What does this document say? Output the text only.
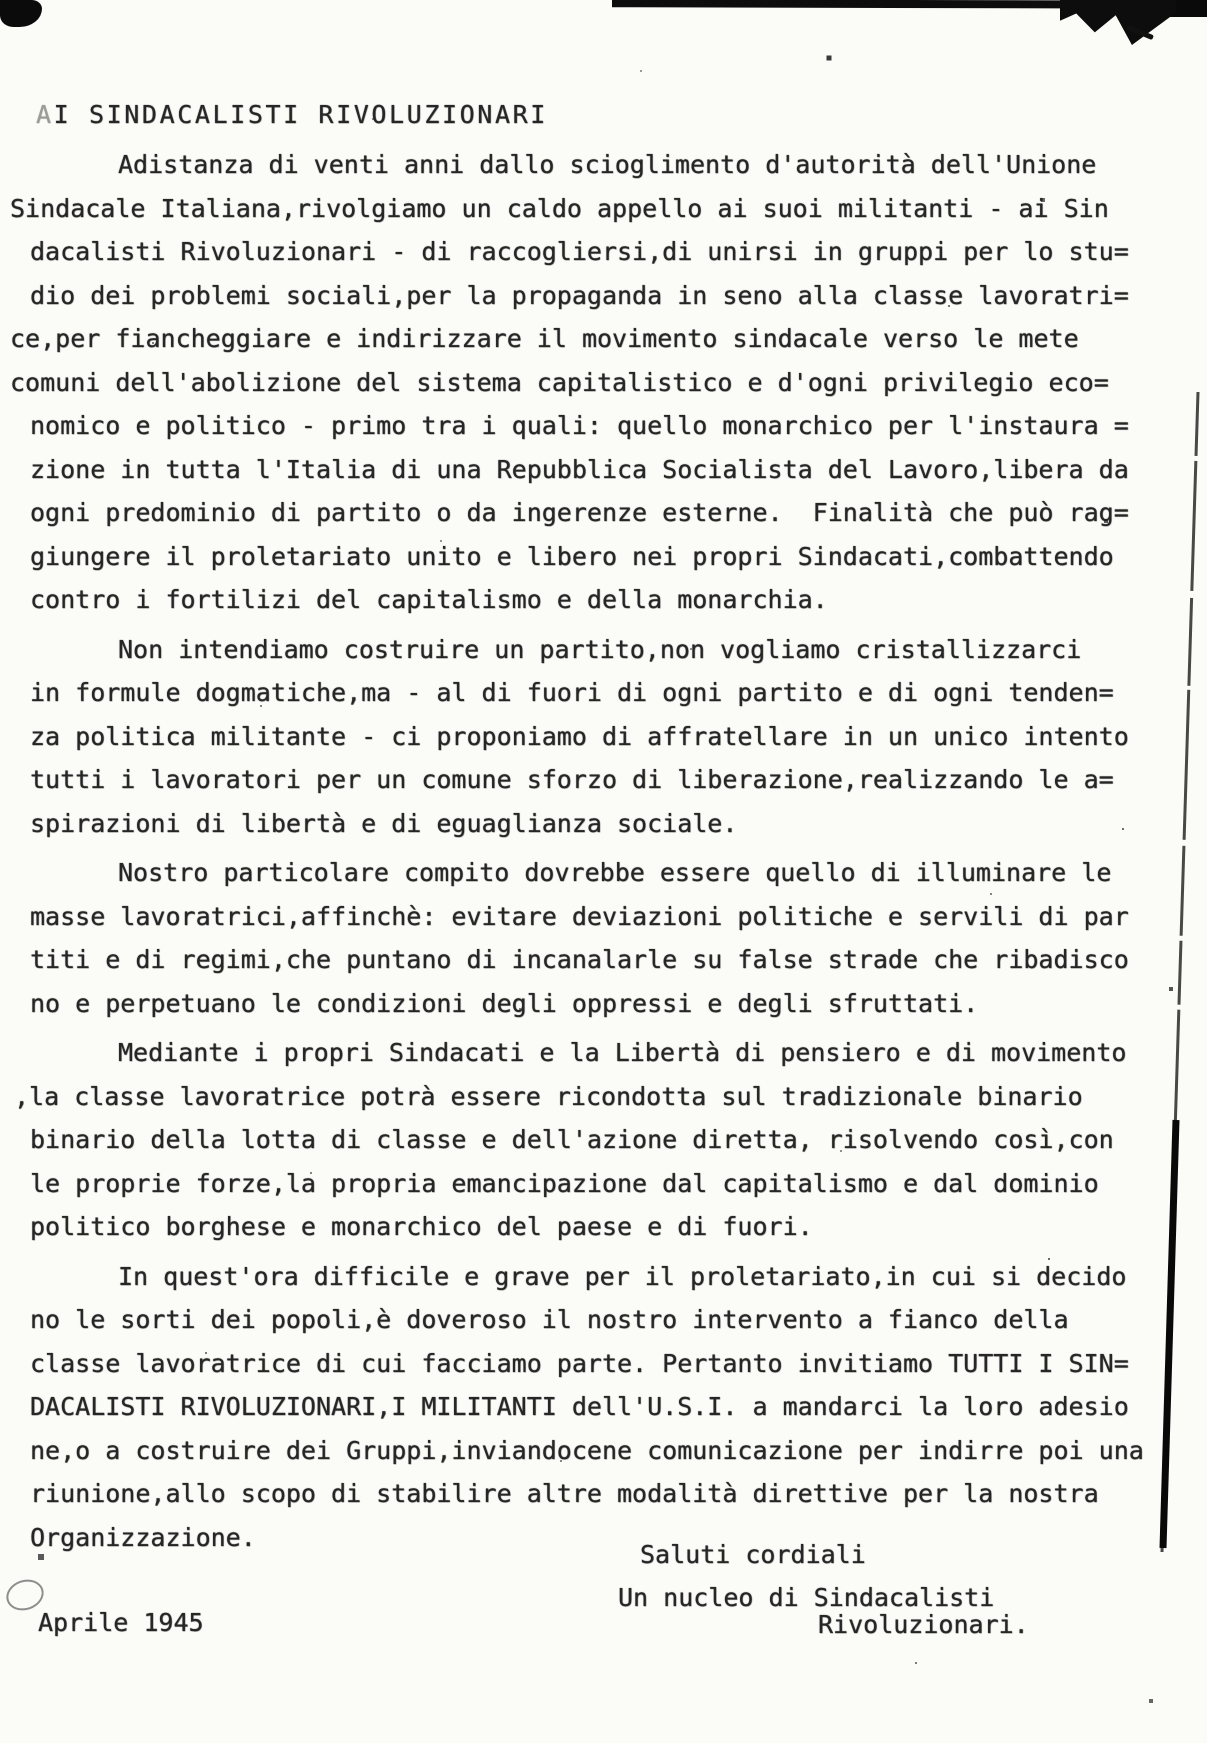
AI SINDACALISTI RIVOLUZIONARI
Adistanza di venti anni dallo scioglimento d'autorità dell'Unione
Sindacale Italiana,rivolgiamo un caldo appello ai suoi militanti - ai Sin
dacalisti Rivoluzionari - di raccogliersi,di unirsi in gruppi per lo stu=
dio dei problemi sociali,per la propaganda in seno alla classe lavoratri=
ce,per fiancheggiare e indirizzare il movimento sindacale verso le mete
comuni dell'abolizione del sistema capitalistico e d'ogni privilegio eco=
nomico e politico - primo tra i quali: quello monarchico per l'instaura =
zione in tutta l'Italia di una Repubblica Socialista del Lavoro,libera da
ogni predominio di partito o da ingerenze esterne.  Finalità che può rag=
giungere il proletariato unito e libero nei propri Sindacati,combattendo
contro i fortilizi del capitalismo e della monarchia.
Non intendiamo costruire un partito,non vogliamo cristallizzarci
in formule dogmatiche,ma - al di fuori di ogni partito e di ogni tenden=
za politica militante - ci proponiamo di affratellare in un unico intento
tutti i lavoratori per un comune sforzo di liberazione,realizzando le a=
spirazioni di libertà e di eguaglianza sociale.
Nostro particolare compito dovrebbe essere quello di illuminare le
masse lavoratrici,affinchè: evitare deviazioni politiche e servili di par
titi e di regimi,che puntano di incanalarle su false strade che ribadisco
no e perpetuano le condizioni degli oppressi e degli sfruttati.
Mediante i propri Sindacati e la Libertà di pensiero e di movimento
,la classe lavoratrice potrà essere ricondotta sul tradizionale binario
binario della lotta di classe e dell'azione diretta, risolvendo così,con
le proprie forze,la propria emancipazione dal capitalismo e dal dominio
politico borghese e monarchico del paese e di fuori.
In quest'ora difficile e grave per il proletariato,in cui si decido
no le sorti dei popoli,è doveroso il nostro intervento a fianco della
classe lavoratrice di cui facciamo parte. Pertanto invitiamo TUTTI I SIN=
DACALISTI RIVOLUZIONARI,I MILITANTI dell'U.S.I. a mandarci la loro adesio
ne,o a costruire dei Gruppi,inviandocene comunicazione per indirre poi una
riunione,allo scopo di stabilire altre modalità direttive per la nostra
Organizzazione.
Saluti cordiali
Un nucleo di Sindacalisti
Rivoluzionari.
Aprile 1945
